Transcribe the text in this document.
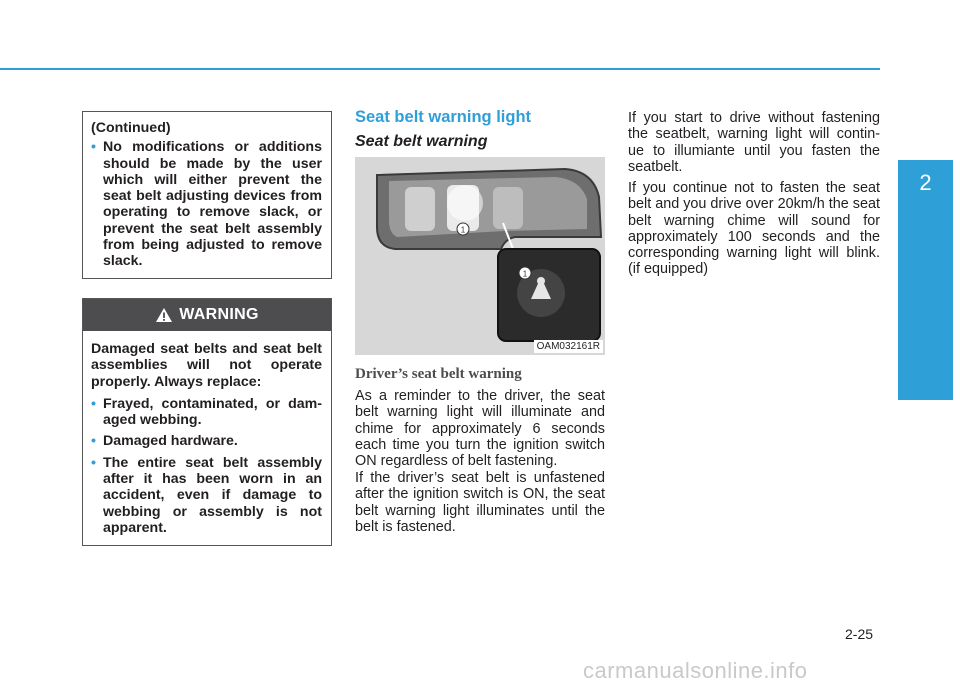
(Continued)

• No modifications or additions should be made by the user which will either prevent the seat belt adjusting devices from operating to remove slack, or prevent the seat belt assembly from being adjusted to remove slack.
WARNING

Damaged seat belts and seat belt assemblies will not operate properly. Always replace:

• Frayed, contaminated, or dam- aged webbing.
• Damaged hardware.
• The entire seat belt assembly after it has been worn in an accident, even if damage to webbing or assembly is not apparent.
Seat belt warning light
Seat belt warning
1
1
OAM032161R
Driver’s seat belt warning

As a reminder to the driver, the seat belt warning light will illuminate and chime for approximately 6 seconds each time you turn the ignition switch ON regardless of belt fastening.

If the driver’s seat belt is unfastened after the ignition switch is ON, the seat belt warning light illuminates until the belt is fastened.

If you start to drive without fastening the seatbelt, warning light will contin- ue to illumiante until you fasten the seatbelt.

If you continue not to fasten the seat belt and you drive over 20km/h the seat belt warning chime will sound for approximately 100 seconds and the corresponding warning light will blink. (if equipped)

2
Safety system of your vehicle
2-25
carmanualsonline.info
